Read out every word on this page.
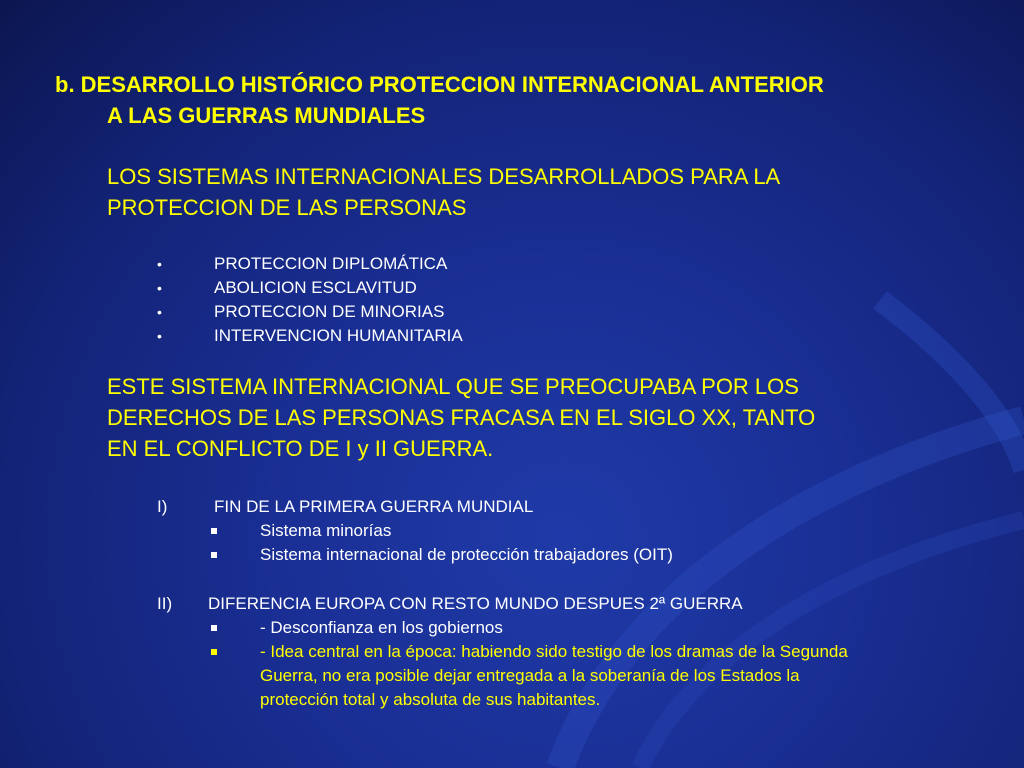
b. DESARROLLO HISTÓRICO PROTECCION INTERNACIONAL ANTERIOR
A LAS GUERRAS MUNDIALES
LOS SISTEMAS INTERNACIONALES DESARROLLADOS PARA LA
PROTECCION DE LAS PERSONAS
•	PROTECCION DIPLOMÁTICA
•	ABOLICION ESCLAVITUD
•	PROTECCION DE MINORIAS
•	INTERVENCION HUMANITARIA
ESTE SISTEMA INTERNACIONAL QUE SE PREOCUPABA POR LOS
DERECHOS DE LAS PERSONAS FRACASA EN EL SIGLO XX, TANTO
EN EL CONFLICTO DE I y II GUERRA.
I)	FIN DE LA PRIMERA GUERRA MUNDIAL
Sistema minorías
Sistema internacional de protección trabajadores (OIT)
II) DIFERENCIA EUROPA CON RESTO MUNDO DESPUES 2ª GUERRA
- Desconfianza en los gobiernos
- Idea central en la época: habiendo sido testigo de los dramas de la Segunda
Guerra, no era posible dejar entregada a la soberanía de los Estados la
protección total y absoluta de sus habitantes.
